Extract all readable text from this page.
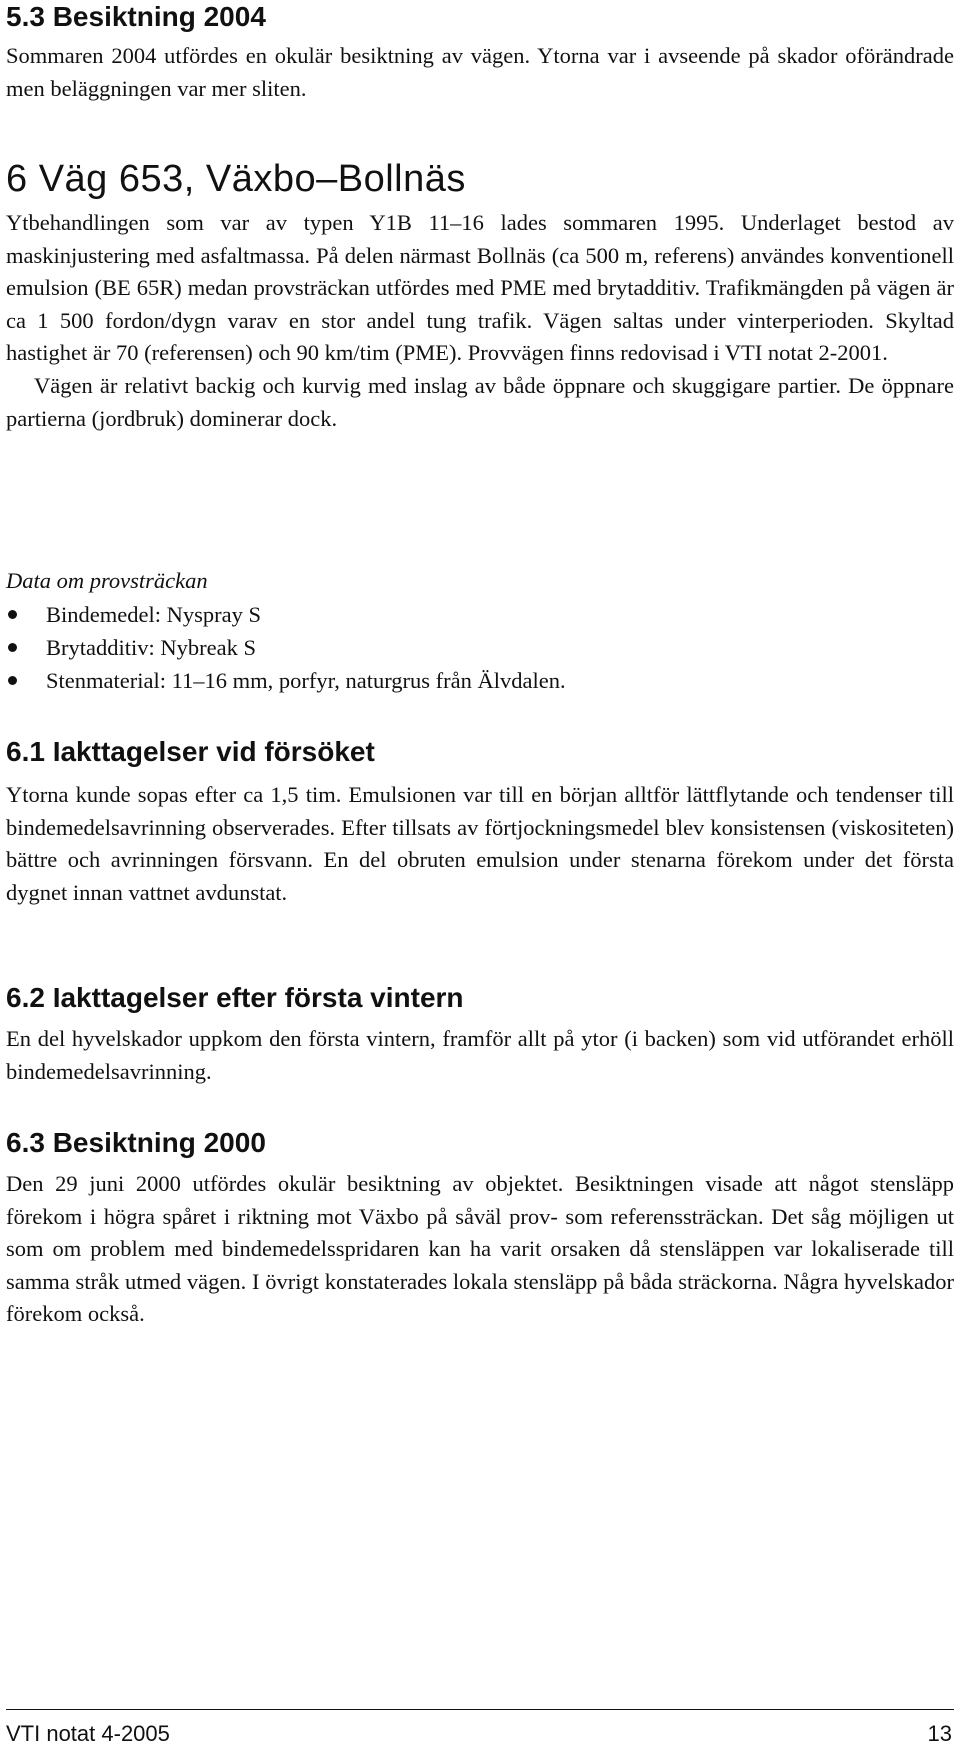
5.3 Besiktning 2004

Sommaren 2004 utfördes en okulär besiktning av vägen. Ytorna var i avseende på skador oförändrade men beläggningen var mer sliten.

6 Väg 653, Växbo–Bollnäs

Ytbehandlingen som var av typen Y1B 11–16 lades sommaren 1995. Underlaget bestod av maskinjustering med asfaltmassa. På delen närmast Bollnäs (ca 500 m, referens) användes konventionell emulsion (BE 65R) medan provsträckan utfördes med PME med brytadditiv. Trafikmängden på vägen är ca 1 500 fordon/dygn varav en stor andel tung trafik. Vägen saltas under vinterperioden. Skyltad hastighet är 70 (referensen) och 90 km/tim (PME). Provvägen finns redovisad i VTI notat 2-2001.

Vägen är relativt backig och kurvig med inslag av både öppnare och skuggigare partier. De öppnare partierna (jordbruk) dominerar dock.

Data om provsträckan

Bindemedel: Nyspray S
Brytadditiv: Nybreak S
Stenmaterial: 11–16 mm, porfyr, naturgrus från Älvdalen.
6.1 Iakttagelser vid försöket

Ytorna kunde sopas efter ca 1,5 tim. Emulsionen var till en början alltför lättflytande och tendenser till bindemedelsavrinning observerades. Efter tillsats av förtjockningsmedel blev konsistensen (viskositeten) bättre och avrinningen försvann. En del obruten emulsion under stenarna förekom under det första dygnet innan vattnet avdunstat.

6.2 Iakttagelser efter första vintern

En del hyvelskador uppkom den första vintern, framför allt på ytor (i backen) som vid utförandet erhöll bindemedelsavrinning.

6.3 Besiktning 2000

Den 29 juni 2000 utfördes okulär besiktning av objektet. Besiktningen visade att något stensläpp förekom i högra spåret i riktning mot Växbo på såväl prov- som referenssträckan. Det såg möjligen ut som om problem med bindemedelsspridaren kan ha varit orsaken då stensläppen var lokaliserade till samma stråk utmed vägen. I övrigt konstaterades lokala stensläpp på båda sträckorna. Några hyvelskador förekom också.

VTI notat 4-2005	13
